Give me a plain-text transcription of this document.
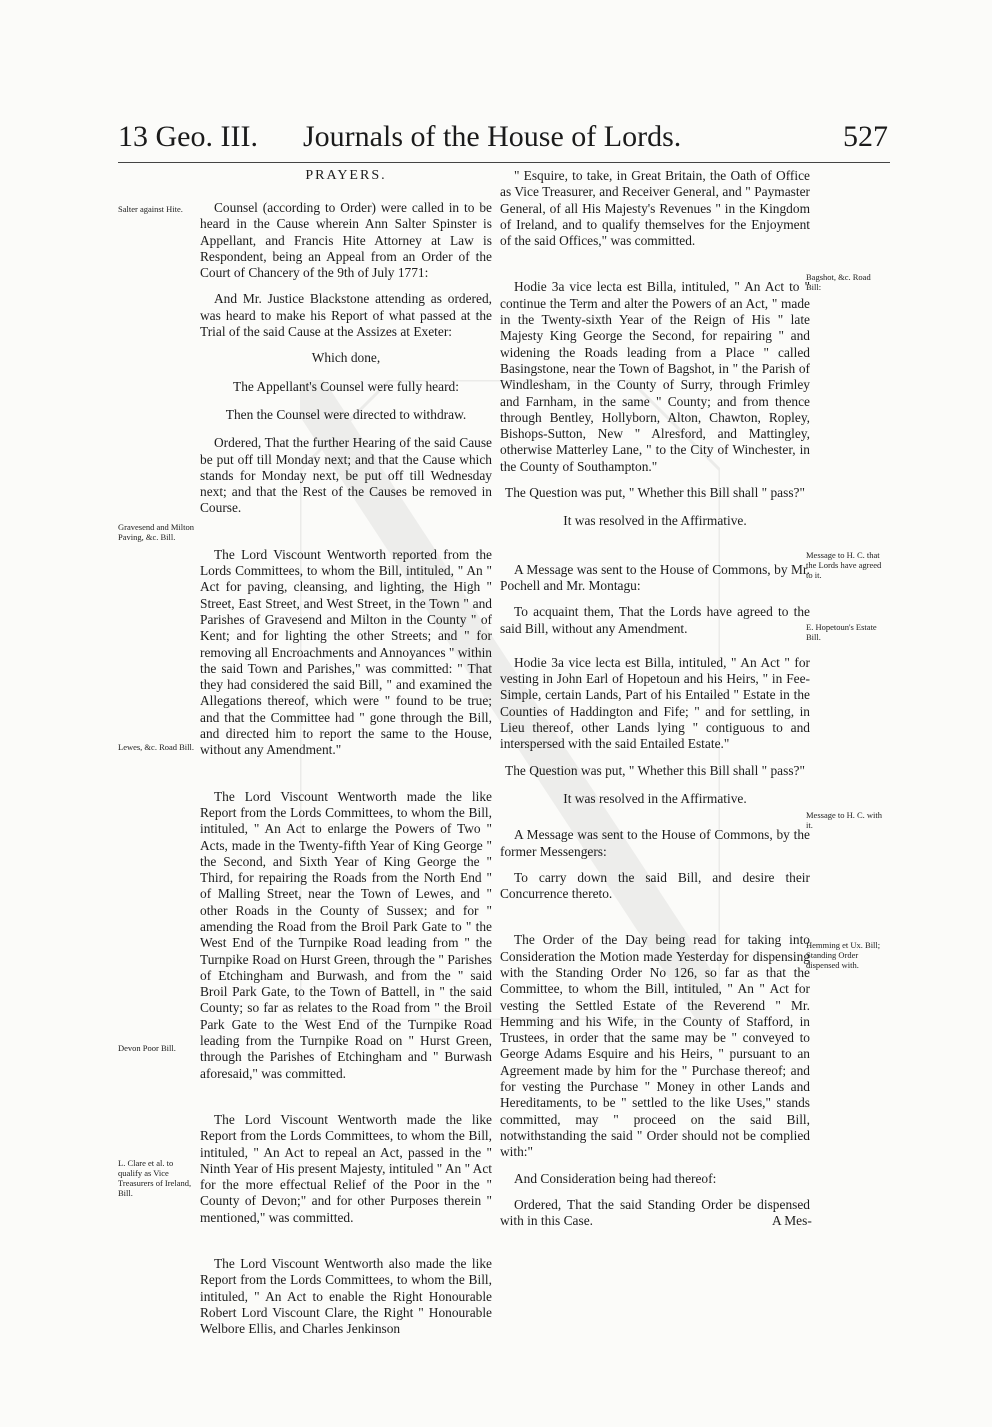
13 Geo. III. Journals of the House of Lords.	527
Salter against Hite.
Gravesend and Milton Paving, &c. Bill.
Lewes, &c. Road Bill.
Devon Poor Bill.
L. Clare et al. to qualify as Vice Treasurers of Ireland, Bill.
Bagshot, &c. Road Bill:
Message to H. C. that the Lords have agreed to it.
E. Hopetoun's Estate Bill.
Message to H. C. with it.
Hemming et Ux. Bill; Standing Order dispensed with.
PRAYERS.

Counsel (according to Order) were called in to be heard in the Cause wherein Ann Salter Spinster is Appellant, and Francis Hite Attorney at Law is Respondent, being an Appeal from an Order of the Court of Chancery of the 9th of July 1771:

And Mr. Justice Blackstone attending as ordered, was heard to make his Report of what passed at the Trial of the said Cause at the Assizes at Exeter:

Which done,

The Appellant's Counsel were fully heard:

Then the Counsel were directed to withdraw.

Ordered, That the further Hearing of the said Cause be put off till Monday next; and that the Cause which stands for Monday next, be put off till Wednesday next; and that the Rest of the Causes be removed in Course.

The Lord Viscount Wentworth reported from the Lords Committees, to whom the Bill, intituled, " An " Act for paving, cleansing, and lighting, the High " Street, East Street, and West Street, in the Town " and Parishes of Gravesend and Milton in the County " of Kent; and for lighting the other Streets; and " for removing all Encroachments and Annoyances " within the said Town and Parishes," was committed: " That they had considered the said Bill, " and examined the Allegations thereof, which were " found to be true; and that the Committee had " gone through the Bill, and directed him to report the same to the House, without any Amendment."

The Lord Viscount Wentworth made the like Report from the Lords Committees, to whom the Bill, intituled, " An Act to enlarge the Powers of Two " Acts, made in the Twenty-fifth Year of King George " the Second, and Sixth Year of King George the " Third, for repairing the Roads from the North End " of Malling Street, near the Town of Lewes, and " other Roads in the County of Sussex; and for " amending the Road from the Broil Park Gate to " the West End of the Turnpike Road leading from " the Turnpike Road on Hurst Green, through the " Parishes of Etchingham and Burwash, and from the " said Broil Park Gate, to the Town of Battell, in " the said County; so far as relates to the Road from " the Broil Park Gate to the West End of the Turnpike Road leading from the Turnpike Road on " Hurst Green, through the Parishes of Etchingham and " Burwash aforesaid," was committed.

The Lord Viscount Wentworth made the like Report from the Lords Committees, to whom the Bill, intituled, " An Act to repeal an Act, passed in the " Ninth Year of His present Majesty, intituled " An " Act for the more effectual Relief of the Poor in the " County of Devon;" and for other Purposes therein " mentioned," was committed.

The Lord Viscount Wentworth also made the like Report from the Lords Committees, to whom the Bill, intituled, " An Act to enable the Right Honourable Robert Lord Viscount Clare, the Right " Honourable Welbore Ellis, and Charles Jenkinson

" Esquire, to take, in Great Britain, the Oath of Office as Vice Treasurer, and Receiver General, and " Paymaster General, of all His Majesty's Revenues " in the Kingdom of Ireland, and to qualify themselves for the Enjoyment of the said Offices," was committed.

Hodie 3a vice lecta est Billa, intituled, " An Act to " continue the Term and alter the Powers of an Act, " made in the Twenty-sixth Year of the Reign of His " late Majesty King George the Second, for repairing " and widening the Roads leading from a Place " called Basingstone, near the Town of Bagshot, in " the Parish of Windlesham, in the County of Surry, through Frimley and Farnham, in the same " County; and from thence through Bentley, Hollyborn, Alton, Chawton, Ropley, Bishops-Sutton, New " Alresford, and Mattingley, otherwise Matterley Lane, " to the City of Winchester, in the County of Southampton."

The Question was put, " Whether this Bill shall " pass?"

It was resolved in the Affirmative.

A Message was sent to the House of Commons, by Mr. Pochell and Mr. Montagu:

To acquaint them, That the Lords have agreed to the said Bill, without any Amendment.

Hodie 3a vice lecta est Billa, intituled, " An Act " for vesting in John Earl of Hopetoun and his Heirs, " in Fee-Simple, certain Lands, Part of his Entailed " Estate in the Counties of Haddington and Fife; " and for settling, in Lieu thereof, other Lands lying " contiguous to and interspersed with the said Entailed Estate."

The Question was put, " Whether this Bill shall " pass?"

It was resolved in the Affirmative.

A Message was sent to the House of Commons, by the former Messengers:

To carry down the said Bill, and desire their Concurrence thereto.

The Order of the Day being read for taking into Consideration the Motion made Yesterday for dispensing with the Standing Order No 126, so far as that the Committee, to whom the Bill, intituled, " An " Act for vesting the Settled Estate of the Reverend " Mr. Hemming and his Wife, in the County of Stafford, in Trustees, in order that the same may be " conveyed to George Adams Esquire and his Heirs, " pursuant to an Agreement made by him for the " Purchase thereof; and for vesting the Purchase " Money in other Lands and Hereditaments, to be " settled to the like Uses," stands committed, may " proceed on the said Bill, notwithstanding the said " Order should not be complied with:"

And Consideration being had thereof:

Ordered, That the said Standing Order be dispensed with in this Case.	A Mes-
